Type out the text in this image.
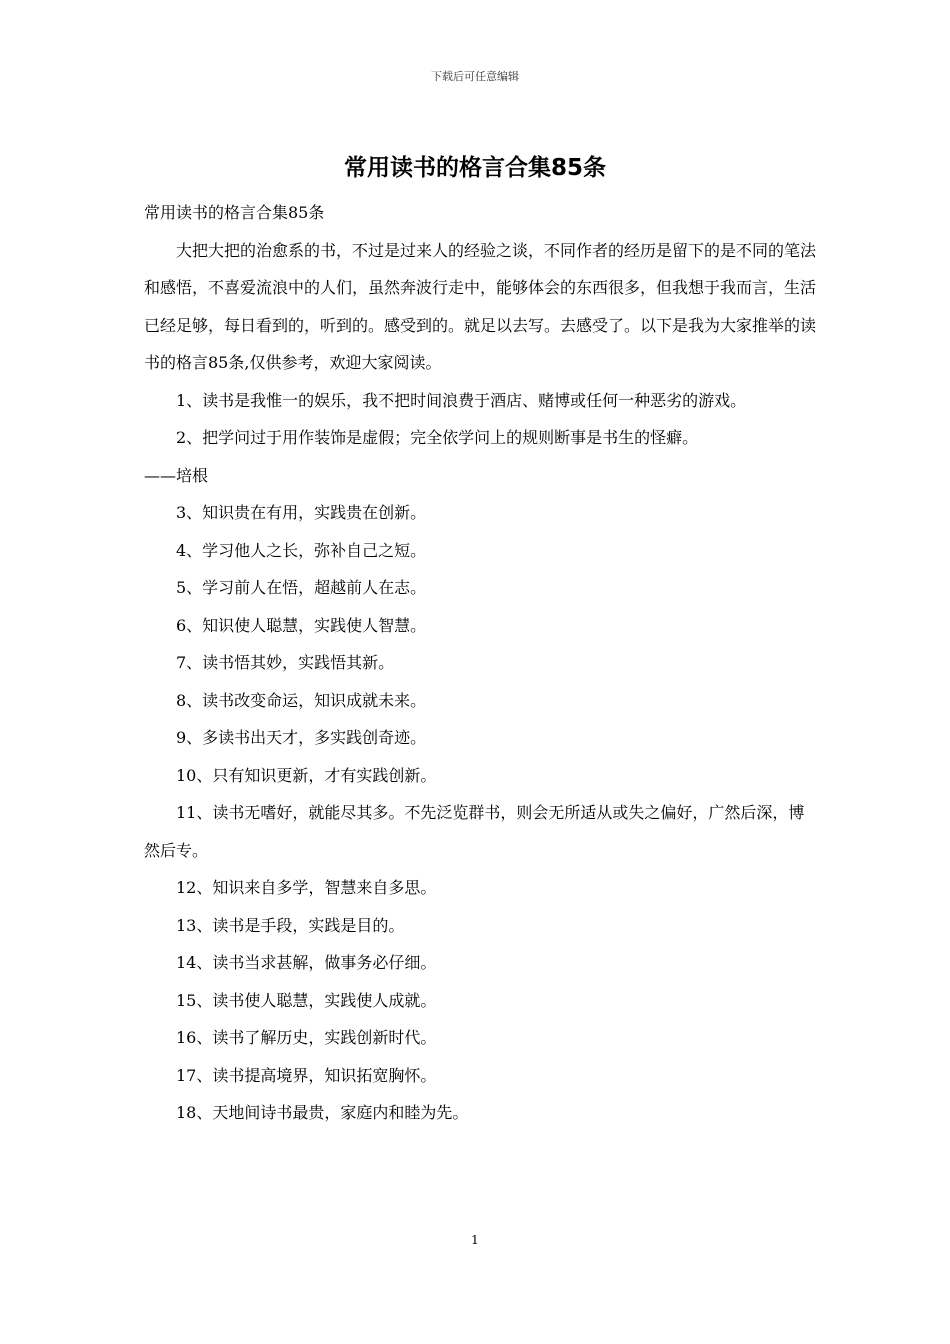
下载后可任意编辑
常用读书的格言合集85条

常用读书的格言合集85条

大把大把的治愈系的书，不过是过来人的经验之谈，不同作者的经历是留下的是不同的笔法和感悟，不喜爱流浪中的人们，虽然奔波行走中，能够体会的东西很多，但我想于我而言，生活已经足够，每日看到的，听到的。感受到的。就足以去写。去感受了。以下是我为大家推举的读书的格言85条,仅供参考，欢迎大家阅读。

1、读书是我惟一的娱乐，我不把时间浪费于酒店、赌博或任何一种恶劣的游戏。

2、把学问过于用作装饰是虚假；完全依学问上的规则断事是书生的怪癖。

——培根

3、知识贵在有用，实践贵在创新。

4、学习他人之长，弥补自己之短。

5、学习前人在悟，超越前人在志。

6、知识使人聪慧，实践使人智慧。

7、读书悟其妙，实践悟其新。

8、读书改变命运，知识成就未来。

9、多读书出天才，多实践创奇迹。

10、只有知识更新，才有实践创新。

11、读书无嗜好，就能尽其多。不先泛览群书，则会无所适从或失之偏好，广然后深，博然后专。

12、知识来自多学，智慧来自多思。

13、读书是手段，实践是目的。

14、读书当求甚解，做事务必仔细。

15、读书使人聪慧，实践使人成就。

16、读书了解历史，实践创新时代。

17、读书提高境界，知识拓宽胸怀。

18、天地间诗书最贵，家庭内和睦为先。

1
